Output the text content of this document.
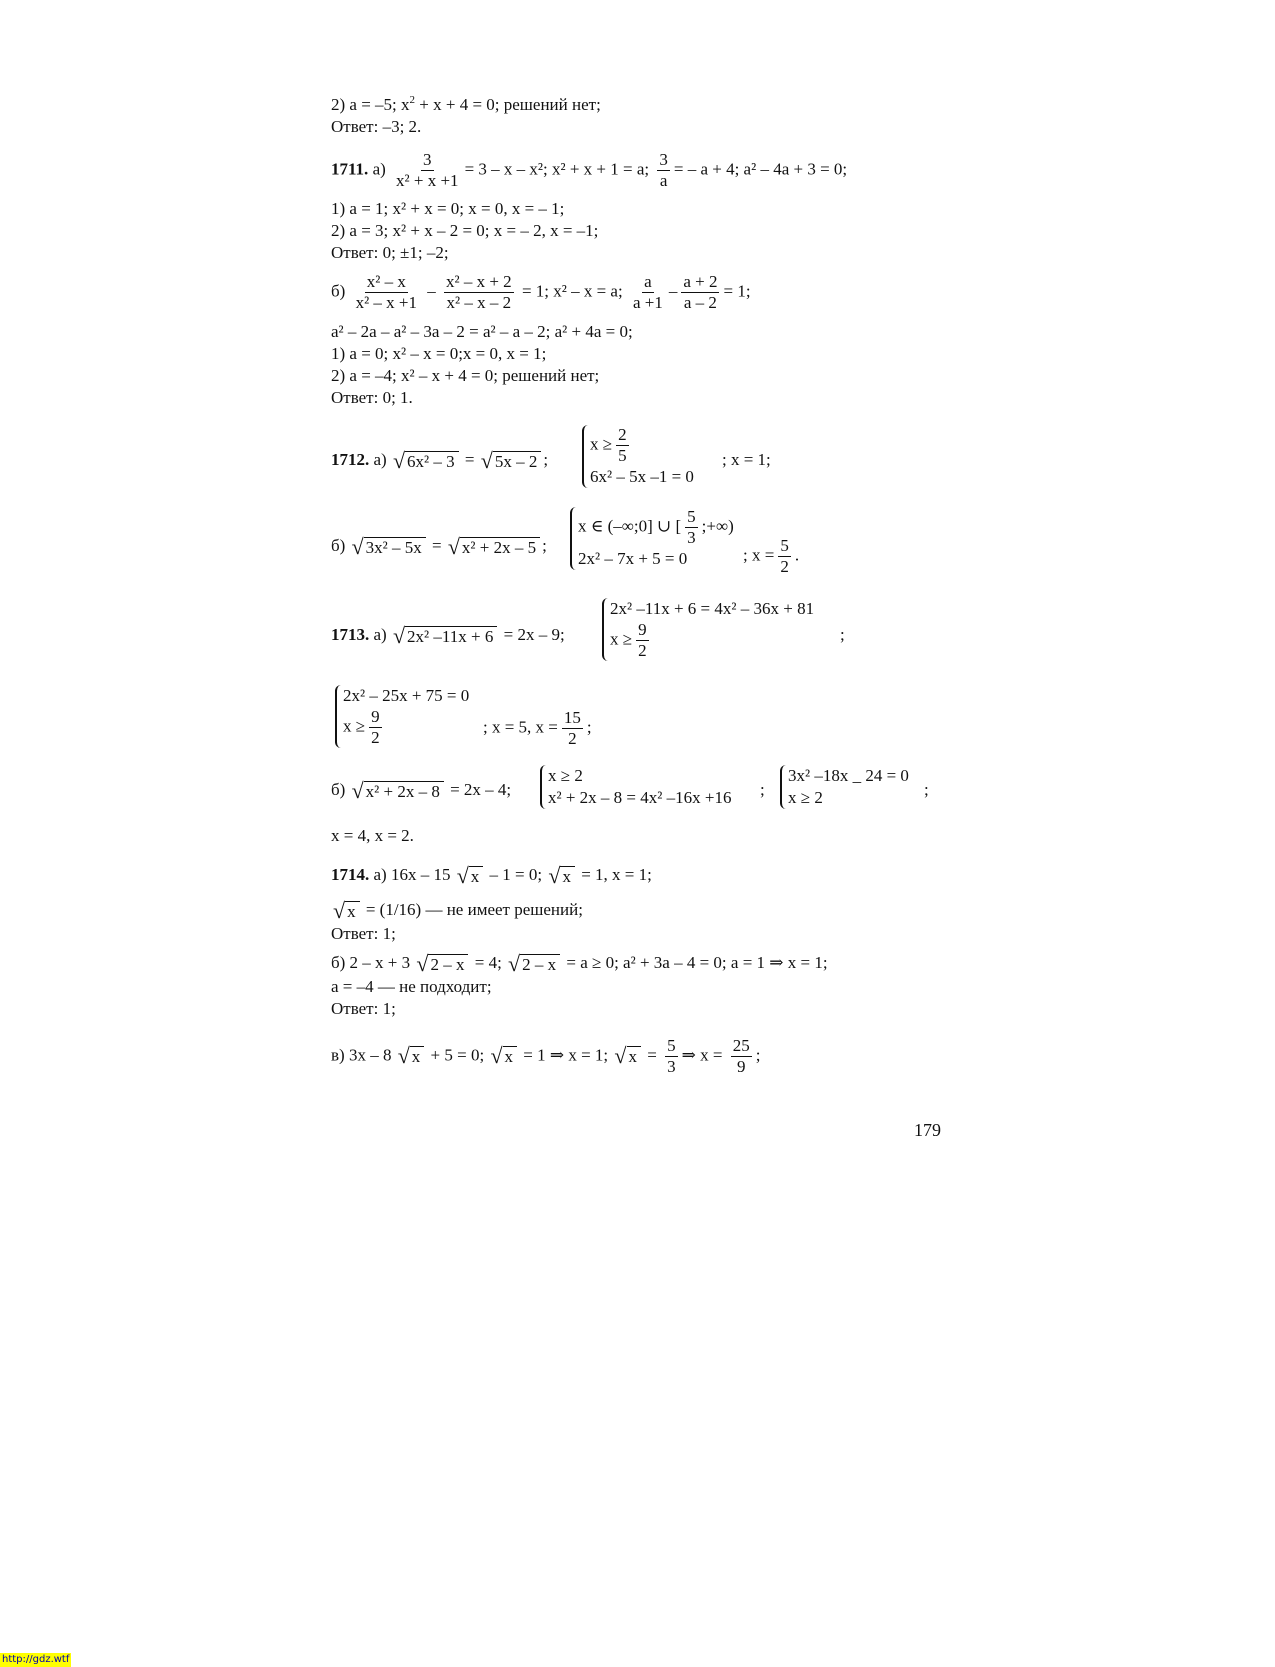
2) a = –5; $x^2 + x + 4 = 0$; решений нет;
Ответ: –3; 2.
1711. $а) \frac{3}{\text{x² + x +1}} = 3 - x - x^2$; x² + x + 1 = a; $\frac{3}{a}$ = – a + 4; a² – 4a + 3 = 0;
1) a = 1; x² + x = 0; x = 0, x = – 1;
2) a = 3; x² + x – 2 = 0; x = – 2, x = –1;
Ответ: 0; ±1; –2;
$б) \frac{\text{x² – x}}{\text{x² – x +1}} - \frac{\text{x² – x + 2}}{\text{x² – x – 2}} = 1$; x² – x = a; $\frac{a}{a +1} - \frac{a + 2}{a - 2} = 1$;
a² – 2a – a² – 3a – 2 = a² – a – 2; a² + 4a = 0;
1) a = 0; x² – x = 0;x = 0, x = 1;
2) a = –4; x² – x + 4 = 0; решений нет;
Ответ: 0; 1.
1712. а) √ 6x² – 3 = √ 5x – 2 ;
$x \ge \frac{2}{5}$
6x² – 5x –1 = 0
; x = 1;
б) √ 3x² – 5x = √ x² + 2x – 5 ;
x ∈ (–∞;0] ∪ [ $\frac{5}{3}$ ;+∞)
2x² – 7x + 5 = 0	; $x = \frac{5}{2}$ .
1713. а) √ 2x² –11x + 6 = 2x – 9;
2x² –11x + 6 = 4x² – 36x + 81
$x \ge \frac{9}{2}$	;
2x² – 25x + 75 = 0
$x \ge \frac{9}{2}$	; x = 5, $x = \frac{15}{2}$ ;
б) √ x² + 2x – 8 = 2x – 4;
x ≥ 2
x² + 2x – 8 = 4x² –16x +16 ;
3x² –18x _ 24 = 0
x ≥ 2	;
x = 4, x = 2.
1714. а) 16x – 15 √ x – 1 = 0; √ x = 1, x = 1;
√ x = (1/16) — не имеет решений;
Ответ: 1;
б) 2 – x + 3 √ 2 – x = 4; √ 2 – x = a ≥ 0; a² + 3a – 4 = 0; a = 1 ⇒ x = 1;
a = –4 — не подходит;
Ответ: 1;
в) 3x – 8 √ x + 5 = 0; √ x = 1 ⇒ x = 1; √ $x = \frac{5}{3}$ ⇒ $x = \frac{25}{9}$ ;
179
http://gdz.wtf
